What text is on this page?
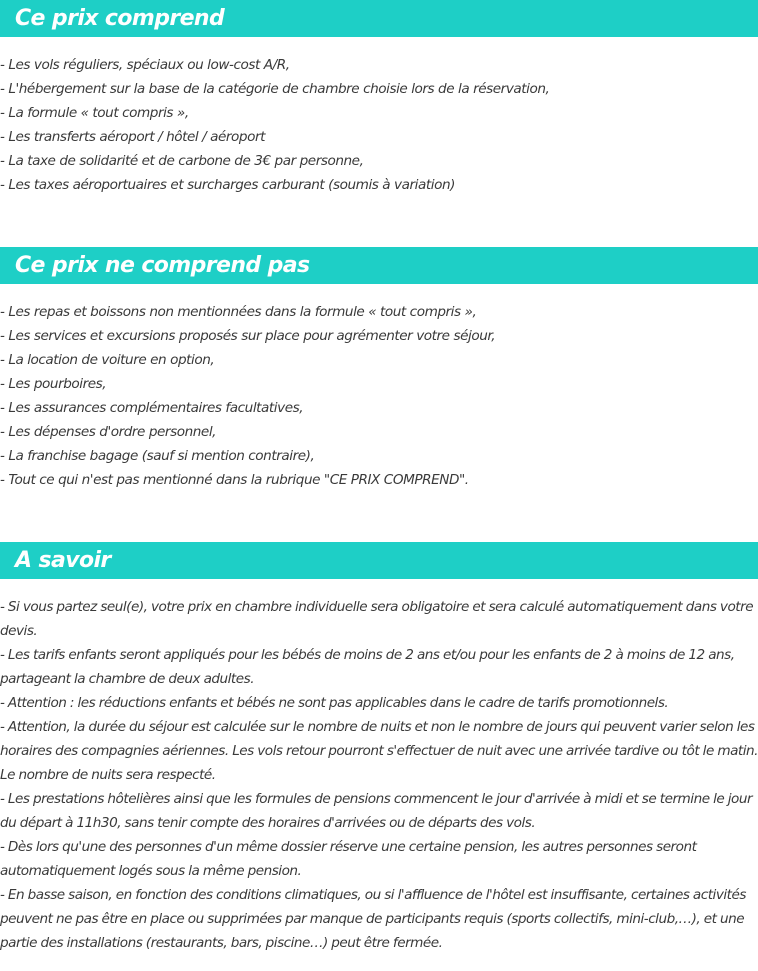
Ce prix comprend
- Les vols réguliers, spéciaux ou low-cost A/R,
- L'hébergement sur la base de la catégorie de chambre choisie lors de la réservation,
- La formule « tout compris »,
- Les transferts aéroport / hôtel / aéroport
- La taxe de solidarité et de carbone de 3€ par personne,
- Les taxes aéroportuaires et surcharges carburant (soumis à variation)
Ce prix ne comprend pas
- Les repas et boissons non mentionnées dans la formule « tout compris »,
- Les services et excursions proposés sur place pour agrémenter votre séjour,
- La location de voiture en option,
- Les pourboires,
- Les assurances complémentaires facultatives,
- Les dépenses d'ordre personnel,
- La franchise bagage (sauf si mention contraire),
- Tout ce qui n'est pas mentionné dans la rubrique "CE PRIX COMPREND".
A savoir
- Si vous partez seul(e), votre prix en chambre individuelle sera obligatoire et sera calculé automatiquement dans votre devis.
- Les tarifs enfants seront appliqués pour les bébés de moins de 2 ans et/ou pour les enfants de 2 à moins de 12 ans, partageant la chambre de deux adultes.
- Attention : les réductions enfants et bébés ne sont pas applicables dans le cadre de tarifs promotionnels.
- Attention, la durée du séjour est calculée sur le nombre de nuits et non le nombre de jours qui peuvent varier selon les horaires des compagnies aériennes. Les vols retour pourront s'effectuer de nuit avec une arrivée tardive ou tôt le matin. Le nombre de nuits sera respecté.
- Les prestations hôtelières ainsi que les formules de pensions commencent le jour d'arrivée à midi et se termine le jour du départ à 11h30, sans tenir compte des horaires d'arrivées ou de départs des vols.
- Dès lors qu'une des personnes d'un même dossier réserve une certaine pension, les autres personnes seront automatiquement logés sous la même pension.
- En basse saison, en fonction des conditions climatiques, ou si l'affluence de l'hôtel est insuffisante, certaines activités peuvent ne pas être en place ou supprimées par manque de participants requis (sports collectifs, mini-club,…), et une partie des installations (restaurants, bars, piscine…) peut être fermée.
